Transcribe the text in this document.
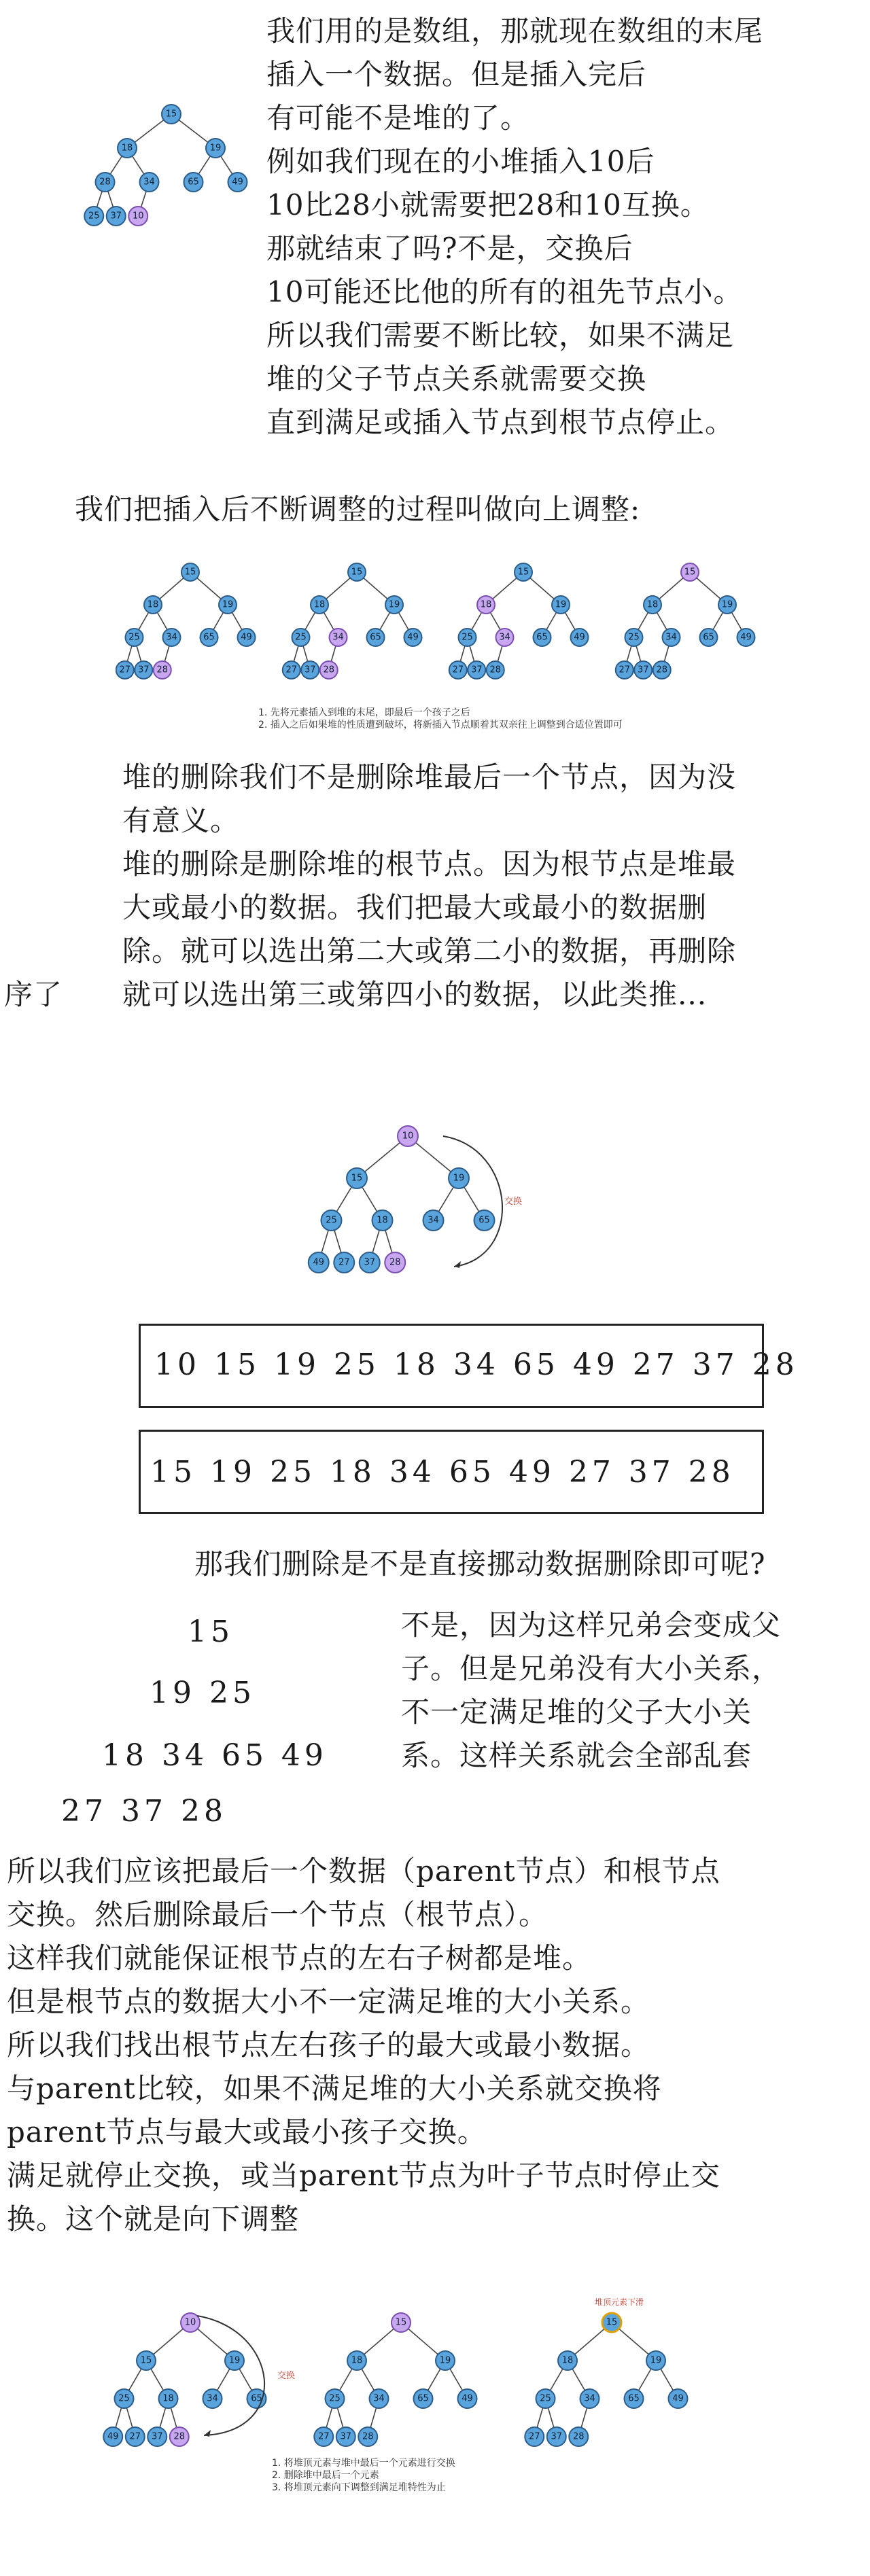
15
18	19
28	34	65	49
25 37 10
我们用的是数组，那就现在数组的末尾
插入一个数据。但是插入完后
有可能不是堆的了。
例如我们现在的小堆插入10后
10比28小就需要把28和10互换。
那就结束了吗?不是，交换后
10可能还比他的所有的祖先节点小。
所以我们需要不断比较，如果不满足
堆的父子节点关系就需要交换
直到满足或插入节点到根节点停止。
我们把插入后不断调整的过程叫做向上调整:
15
18	19
25	34	65	49
27 37 28
15
18	19
25	34	65	49
27 37 28
15
18	19
25	34	65	49
27 37 28
15
18	19
25	34	65	49
27 37 28
1. 先将元素插入到堆的末尾，即最后一个孩子之后
2. 插入之后如果堆的性质遭到破坏，将新插入节点顺着其双亲往上调整到合适位置即可
堆的删除我们不是删除堆最后一个节点，因为没
有意义。
堆的删除是删除堆的根节点。因为根节点是堆最
大或最小的数据。我们把最大或最小的数据删
除。就可以选出第二大或第二小的数据，再删除
就可以选出第三或第四小的数据，以此类推...
序了
10
15	19
25	18	34	65
49 27 37 28
交换
10 15 19 25 18 34 65 49 27 37 28
15 19 25 18 34 65 49 27 37 28
那我们删除是不是直接挪动数据删除即可呢?
15
19 25
18 34 65 49
27 37 28
不是，因为这样兄弟会变成父
子。但是兄弟没有大小关系，
不一定满足堆的父子大小关
系。这样关系就会全部乱套
所以我们应该把最后一个数据（parent节点）和根节点
交换。然后删除最后一个节点（根节点）。
这样我们就能保证根节点的左右子树都是堆。
但是根节点的数据大小不一定满足堆的大小关系。
所以我们找出根节点左右孩子的最大或最小数据。
与parent比较，如果不满足堆的大小关系就交换将
parent节点与最大或最小孩子交换。
满足就停止交换，或当parent节点为叶子节点时停止交
换。这个就是向下调整
10
15	19
25	18	34	65
49 27 37 28
15
18	19
25	34	65	49
27 37 28
15
18	19
25	34	65	49
27 37 28
交换
堆顶元素下滑
1. 将堆顶元素与堆中最后一个元素进行交换
2. 删除堆中最后一个元素
3. 将堆顶元素向下调整到满足堆特性为止
